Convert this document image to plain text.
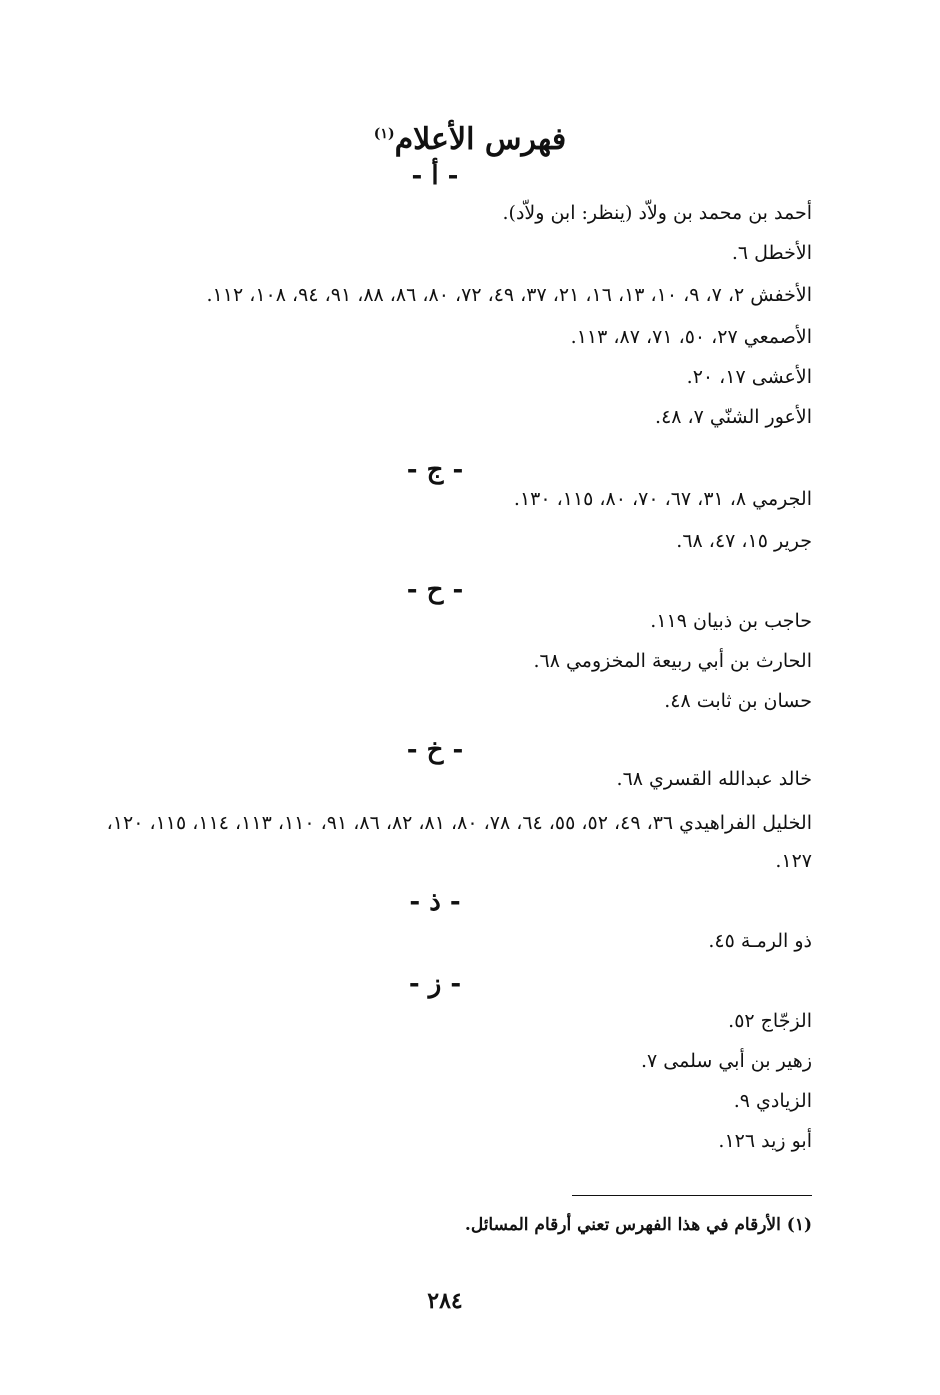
فهرس الأعلام$^{(١)}$
- أ -
أحمد بن محمد بن ولاّد (ينظر: ابن ولاّد).
الأخطل ٦.
الأخفش ٢، ٧، ٩، ١٠، ١٣، ١٦، ٢١، ٣٧، ٤٩، ٧٢، ٨٠، ٨٦، ٨٨، ٩١، ٩٤، ١٠٨، ١١٢.
الأصمعي ٢٧، ٥٠، ٧١، ٨٧، ١١٣.
الأعشى ١٧، ٢٠.
الأعور الشنّي ٧، ٤٨.
- ج -
الجرمي ٨، ٣١، ٦٧، ٧٠، ٨٠، ١١٥، ١٣٠.
جرير ١٥، ٤٧، ٦٨.
- ح -
حاجب بن ذبيان ١١٩.
الحارث بن أبي ربيعة المخزومي ٦٨.
حسان بن ثابت ٤٨.
- خ -
خالد عبدالله القسري ٦٨.
الخليل الفراهيدي ٣٦، ٤٩، ٥٢، ٥٥، ٦٤، ٧٨، ٨٠، ٨١، ٨٢، ٨٦، ٩١، ١١٠، ١١٣، ١١٤، ١١٥، ١٢٠، ١٢٧.
- ذ -
ذو الرمـة ٤٥.
- ز -
الزجّاج ٥٢.
زهير بن أبي سلمى ٧.
الزيادي ٩.
أبو زيد ١٢٦.
(١) الأرقام في هذا الفهرس تعني أرقام المسائل.
٢٨٤
